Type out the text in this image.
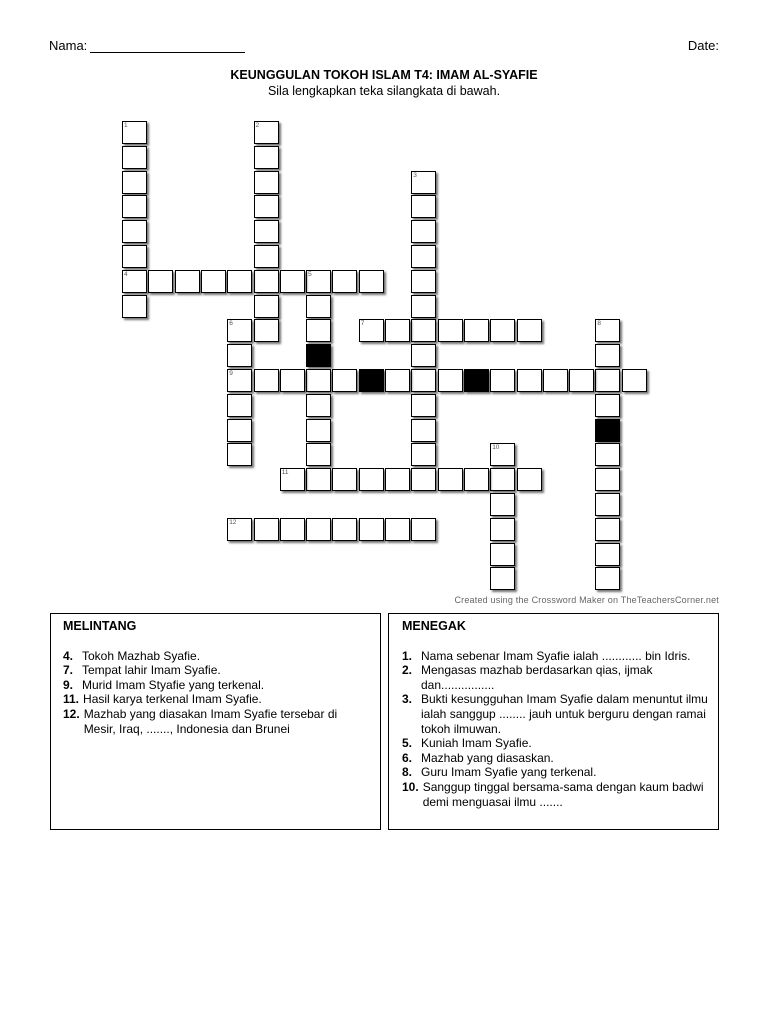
Nama:	Date:
KEUNGGULAN TOKOH ISLAM T4: IMAM AL-SYAFIE
Sila lengkapkan teka silangkata di bawah.
1
4
2
3
5
6
9
8
10
7
11
12
Created using the Crossword Maker on TheTeachersCorner.net
MELINTANG
4. Tokoh Mazhab Syafie.
7. Tempat lahir Imam Syafie.
9. Murid Imam Styafie yang terkenal.
11. Hasil karya terkenal Imam Syafie.
12. Mazhab yang diasakan Imam Syafie tersebar di Mesir, Iraq, ......., Indonesia dan Brunei
MENEGAK
1. Nama sebenar Imam Syafie ialah ............ bin Idris.
2. Mengasas mazhab berdasarkan qias, ijmak dan................
3. Bukti kesungguhan Imam Syafie dalam menuntut ilmu ialah sanggup ........ jauh untuk berguru dengan ramai tokoh ilmuwan.
5. Kuniah Imam Syafie.
6. Mazhab yang diasaskan.
8. Guru Imam Syafie yang terkenal.
10. Sanggup tinggal bersama-sama dengan kaum badwi demi menguasai ilmu .......
